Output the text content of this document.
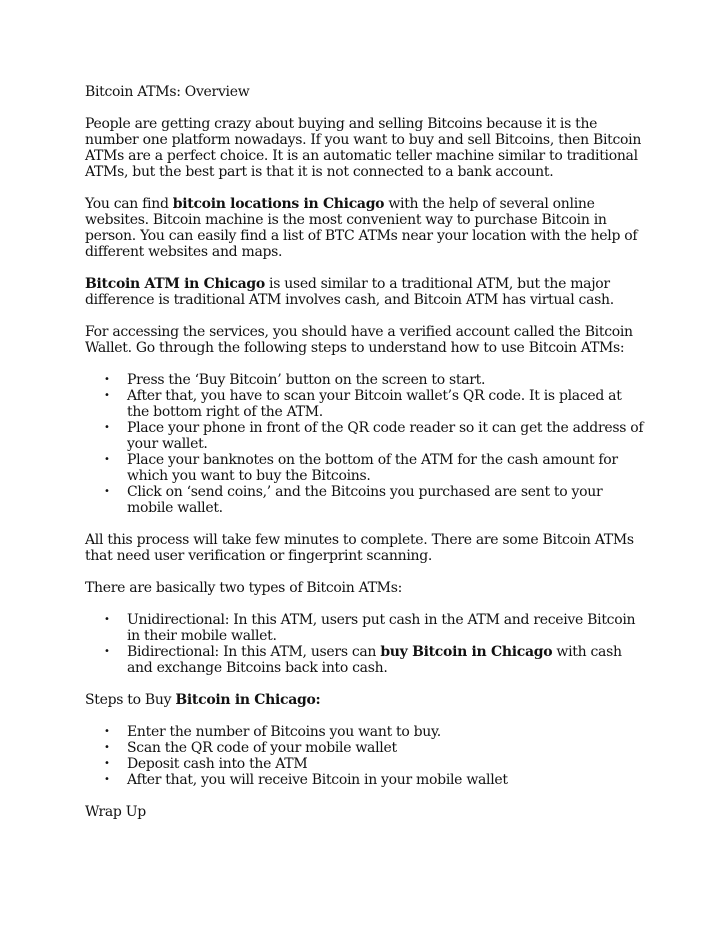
Bitcoin ATMs: Overview

People are getting crazy about buying and selling Bitcoins because it is the number one platform nowadays. If you want to buy and sell Bitcoins, then Bitcoin ATMs are a perfect choice. It is an automatic teller machine similar to traditional ATMs, but the best part is that it is not connected to a bank account.

You can find bitcoin locations in Chicago with the help of several online websites. Bitcoin machine is the most convenient way to purchase Bitcoin in person. You can easily find a list of BTC ATMs near your location with the help of different websites and maps.

Bitcoin ATM in Chicago is used similar to a traditional ATM, but the major difference is traditional ATM involves cash, and Bitcoin ATM has virtual cash.

For accessing the services, you should have a verified account called the Bitcoin Wallet. Go through the following steps to understand how to use Bitcoin ATMs:

• Press the ‘Buy Bitcoin’ button on the screen to start.
• After that, you have to scan your Bitcoin wallet’s QR code. It is placed at the bottom right of the ATM.
• Place your phone in front of the QR code reader so it can get the address of your wallet.
• Place your banknotes on the bottom of the ATM for the cash amount for which you want to buy the Bitcoins.
• Click on ‘send coins,’ and the Bitcoins you purchased are sent to your mobile wallet.

All this process will take few minutes to complete. There are some Bitcoin ATMs that need user verification or fingerprint scanning.

There are basically two types of Bitcoin ATMs:

• Unidirectional: In this ATM, users put cash in the ATM and receive Bitcoin in their mobile wallet.
• Bidirectional: In this ATM, users can buy Bitcoin in Chicago with cash and exchange Bitcoins back into cash.

Steps to Buy Bitcoin in Chicago:

• Enter the number of Bitcoins you want to buy.
• Scan the QR code of your mobile wallet
• Deposit cash into the ATM
• After that, you will receive Bitcoin in your mobile wallet

Wrap Up
